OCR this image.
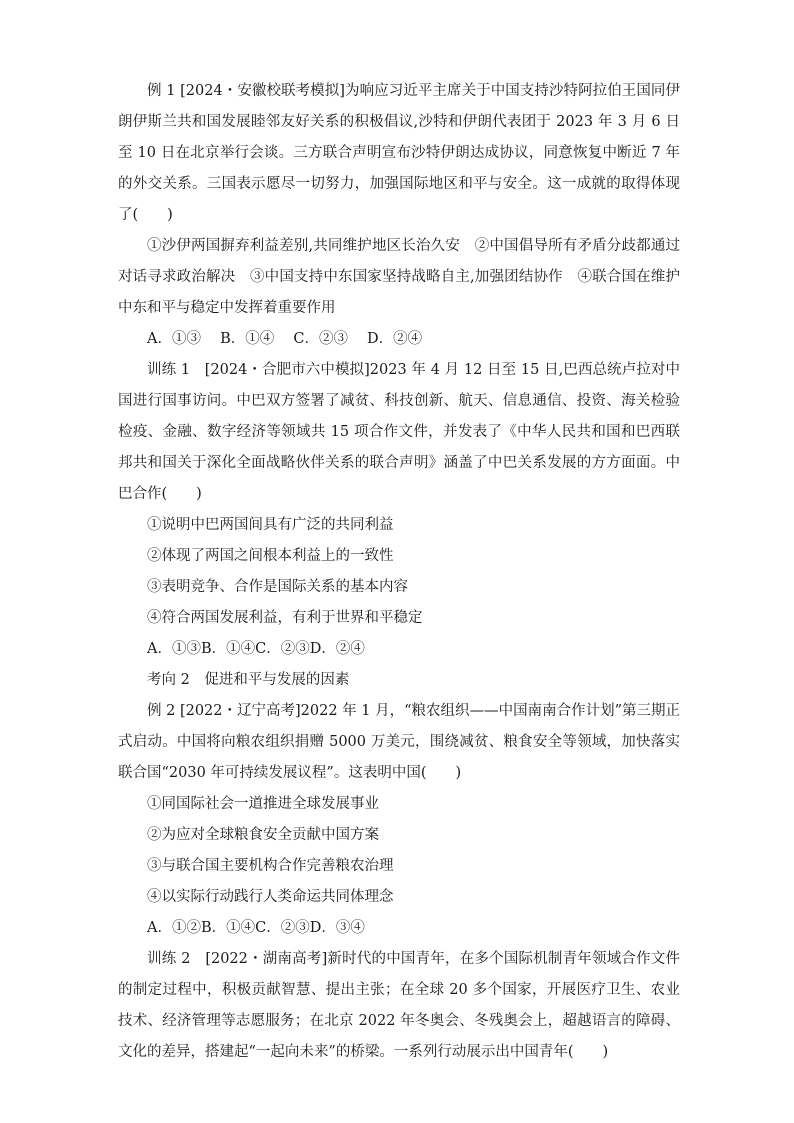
例 1 [2024・安徽校联考模拟]为响应习近平主席关于中国支持沙特阿拉伯王国同伊朗伊斯兰共和国发展睦邻友好关系的积极倡议,沙特和伊朗代表团于 2023 年 3 月 6 日至 10 日在北京举行会谈。三方联合声明宣布沙特伊朗达成协议，同意恢复中断近 7 年的外交关系。三国表示愿尽一切努力，加强国际地区和平与安全。这一成就的取得体现了(　　)

①沙伊两国摒弃利益差别,共同维护地区长治久安　②中国倡导所有矛盾分歧都通过对话寻求政治解决　③中国支持中东国家坚持战略自主,加强团结协作　④联合国在维护中东和平与稳定中发挥着重要作用

A．①③　 B．①④　 C．②③　 D．②④

训练 1　[2024・合肥市六中模拟]2023 年 4 月 12 日至 15 日,巴西总统卢拉对中国进行国事访问。中巴双方签署了减贫、科技创新、航天、信息通信、投资、海关检验检疫、金融、数字经济等领域共 15 项合作文件，并发表了《中华人民共和国和巴西联邦共和国关于深化全面战略伙伴关系的联合声明》涵盖了中巴关系发展的方方面面。中巴合作(　　)

①说明中巴两国间具有广泛的共同利益

②体现了两国之间根本利益上的一致性

③表明竞争、合作是国际关系的基本内容

④符合两国发展利益，有利于世界和平稳定

A．①③B．①④C．②③D．②④

考向 2　促进和平与发展的因素

例 2 [2022・辽宁高考]2022 年 1 月，“粮农组织——中国南南合作计划”第三期正式启动。中国将向粮农组织捐赠 5000 万美元，围绕减贫、粮食安全等领域，加快落实联合国“2030 年可持续发展议程”。这表明中国(　　)

①同国际社会一道推进全球发展事业

②为应对全球粮食安全贡献中国方案

③与联合国主要机构合作完善粮农治理

④以实际行动践行人类命运共同体理念

A．①②B．①④C．②③D．③④

训练 2　[2022・湖南高考]新时代的中国青年，在多个国际机制青年领域合作文件的制定过程中，积极贡献智慧、提出主张；在全球 20 多个国家，开展医疗卫生、农业技术、经济管理等志愿服务；在北京 2022 年冬奥会、冬残奥会上，超越语言的障碍、文化的差异，搭建起“一起向未来”的桥梁。一系列行动展示出中国青年(　　)
